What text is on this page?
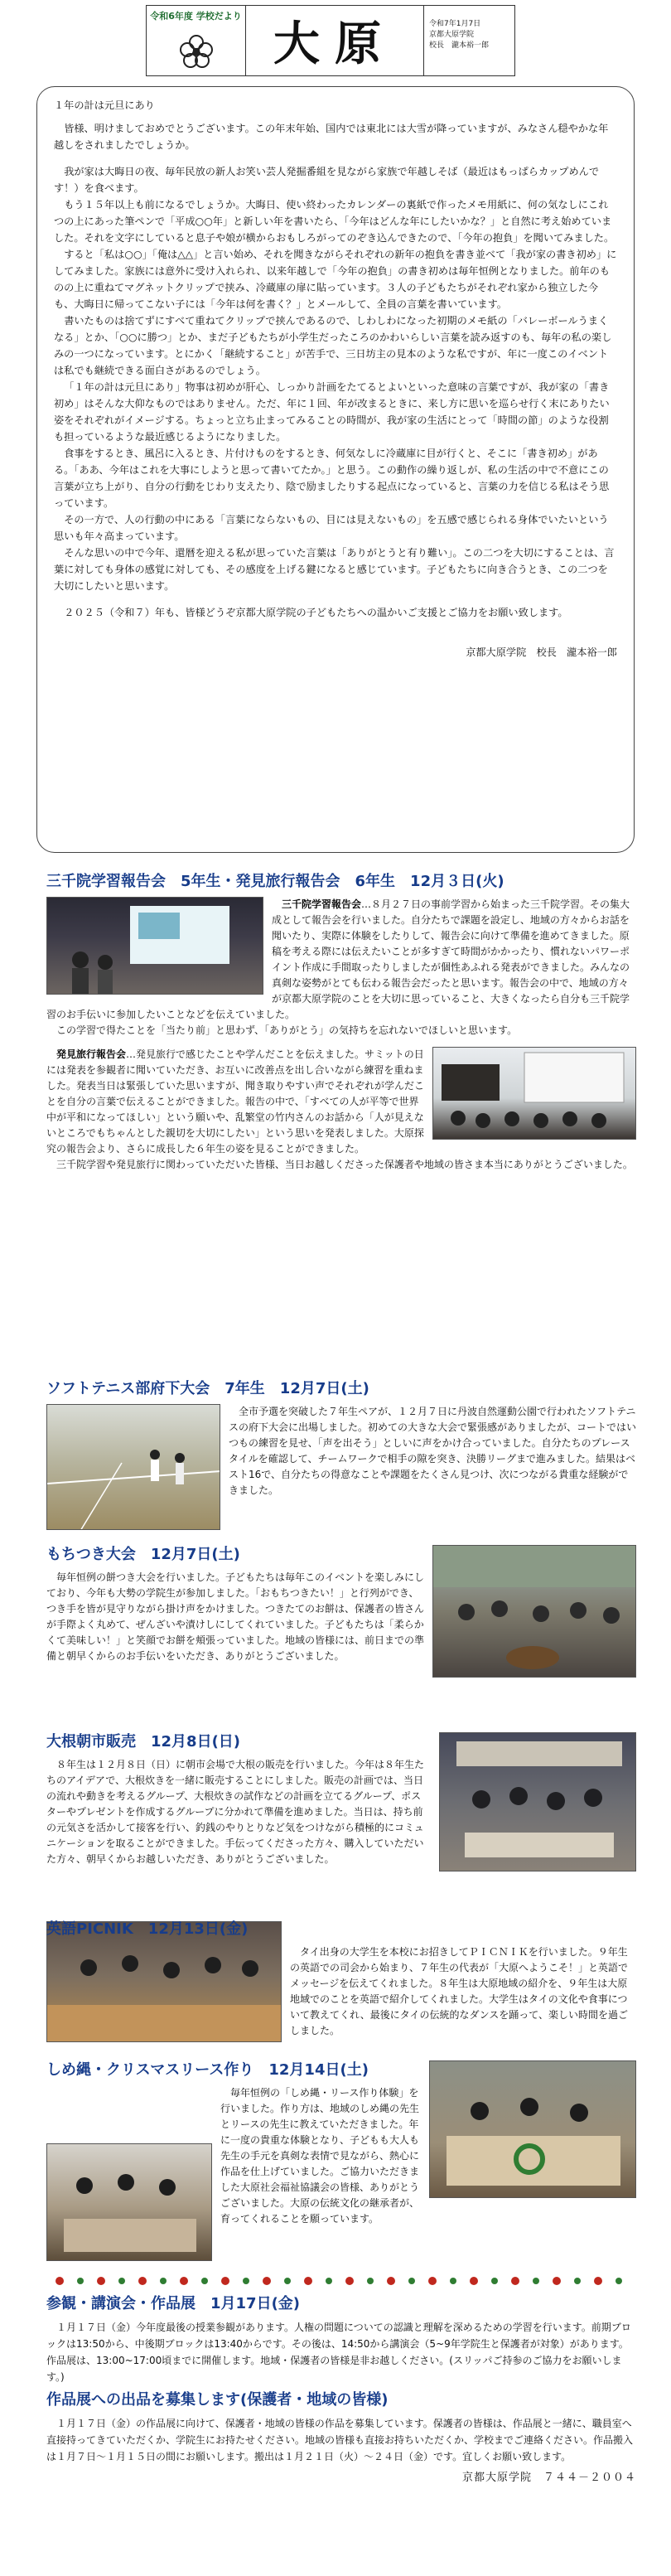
令和6年度 学校だより
大原	令和7年1月7日
京都大原学院
校長　瀧本裕一郎

１年の計は元旦にあり

皆様、明けましておめでとうございます。この年末年始、国内では東北には大雪が降っていますが、みなさん穏やかな年越しをされましたでしょうか。

我が家は大晦日の夜、毎年民放の新人お笑い芸人発掘番組を見ながら家族で年越しそば（最近はもっぱらカップめんです！）を食べます。

もう１５年以上も前になるでしょうか。大晦日、使い終わったカレンダーの裏紙で作ったメモ用紙に、何の気なしにこれつの上にあった筆ペンで「平成○○年」と新しい年を書いたら、「今年はどんな年にしたいかな？」と自然に考え始めていました。それを文字にしていると息子や娘が横からおもしろがってのぞき込んできたので、「今年の抱負」を聞いてみました。

すると「私は○○」「俺は△△」と言い始め、それを聞きながらそれぞれの新年の抱負を書き並べて「我が家の書き初め」にしてみました。家族には意外に受け入れられ、以来年越しで「今年の抱負」の書き初めは毎年恒例となりました。前年のものの上に重ねてマグネットクリップで挟み、冷蔵庫の扉に貼っています。３人の子どもたちがそれぞれ家から独立した今も、大晦日に帰ってこない子には「今年は何を書く？」とメールして、全員の言葉を書いています。

書いたものは捨てずにすべて重ねてクリップで挟んであるので、しわしわになった初期のメモ紙の「バレーボールうまくなる」とか、「○○に勝つ」とか、まだ子どもたちが小学生だったころのかわいらしい言葉を読み返すのも、毎年の私の楽しみの一つになっています。とにかく「継続すること」が苦手で、三日坊主の見本のような私ですが、年に一度このイベントは私でも継続できる面白さがあるのでしょう。

「１年の計は元旦にあり」物事は初めが肝心、しっかり計画をたてるとよいといった意味の言葉ですが、我が家の「書き初め」はそんな大仰なものではありません。ただ、年に１回、年が改まるときに、来し方に思いを巡らせ行く末にありたい姿をそれぞれがイメージする。ちょっと立ち止まってみることの時間が、我が家の生活にとって「時間の節」のような役割も担っているような最近感じるようになりました。

食事をするとき、風呂に入るとき、片付けものをするとき、何気なしに冷蔵庫に目が行くと、そこに「書き初め」がある。「ああ、今年はこれを大事にしようと思って書いてたか。」と思う。この動作の繰り返しが、私の生活の中で不意にこの言葉が立ち上がり、自分の行動をじわり支えたり、陰で励ましたりする起点になっていると、言葉の力を信じる私はそう思っています。

その一方で、人の行動の中にある「言葉にならないもの、目には見えないもの」を五感で感じられる身体でいたいという思いも年々高まっています。

そんな思いの中で今年、還暦を迎える私が思っていた言葉は「ありがとうと有り難い」。この二つを大切にすることは、言葉に対しても身体の感覚に対しても、その感度を上げる鍵になると感じています。子どもたちに向き合うとき、この二つを大切にしたいと思います。

２０２５（令和７）年も、皆様どうぞ京都大原学院の子どもたちへの温かいご支援とご協力をお願い致します。

京都大原学院　校長　瀧本裕一郎

三千院学習報告会　5年生・発見旅行報告会　6年生　12月３日(火)

三千院学習報告会…８月２７日の事前学習から始まった三千院学習。その集大成として報告会を行いました。自分たちで課題を設定し、地域の方々からお話を聞いたり、実際に体験をしたりして、報告会に向けて準備を進めてきました。原稿を考える際には伝えたいことが多すぎて時間がかかったり、慣れないパワーポイント作成に手間取ったりしましたが個性あふれる発表ができました。みんなの真剣な姿勢がとても伝わる報告会だったと思います。報告会の中で、地域の方々が京都大原学院のことを大切に思っていること、大きくなったら自分も三千院学習のお手伝いに参加したいことなどを伝えていました。

この学習で得たことを「当たり前」と思わず、「ありがとう」の気持ちを忘れないでほしいと思います。

発見旅行報告会…発見旅行で感じたことや学んだことを伝えました。サミットの日には発表を参観者に聞いていただき、お互いに改善点を出し合いながら練習を重ねました。発表当日は緊張していた思いますが、聞き取りやすい声でそれぞれが学んだことを自分の言葉で伝えることができました。報告の中で、「すべての人が平等で世界中が平和になってほしい」という願いや、乱繁堂の竹内さんのお話から「人が見えないところでもちゃんとした親切を大切にしたい」という思いを発表しました。大原探究の報告会より、さらに成長した６年生の姿を見ることができました。

三千院学習や発見旅行に関わっていただいた皆様、当日お越しくださった保護者や地域の皆さま本当にありがとうございました。

ソフトテニス部府下大会　7年生　12月7日(土)

全市予選を突破した７年生ペアが、１２月７日に丹波自然運動公園で行われたソフトテニスの府下大会に出場しました。初めての大きな大会で緊張感がありましたが、コートではいつもの練習を見せ、「声を出そう」としいに声をかけ合っていました。自分たちのプレースタイルを確認して、チームワークで相手の隙を突き、決勝リーグまで進みました。結果はベスト16で、自分たちの得意なことや課題をたくさん見つけ、次につながる貴重な経験ができました。

もちつき大会　12月7日(土)

毎年恒例の餅つき大会を行いました。子どもたちは毎年このイベントを楽しみにしており、今年も大勢の学院生が参加しました。「おもちつきたい！」と行列ができ、つき手を皆が見守りながら掛け声をかけました。つきたてのお餅は、保護者の皆さんが手際よく丸めて、ぜんざいや漬けしにしてくれていました。子どもたちは「柔らかくて美味しい！」と笑顔でお餅を頬張っていました。地域の皆様には、前日までの準備と朝早くからのお手伝いをいただき、ありがとうございました。

大根朝市販売　12月8日(日)

８年生は１２月８日（日）に朝市会場で大根の販売を行いました。今年は８年生たちのアイデアで、大根炊きを一緒に販売することにしました。販売の計画では、当日の流れや動きを考えるグループ、大根炊きの試作などの計画を立てるグループ、ポスターやプレゼントを作成するグループに分かれて準備を進めました。当日は、持ち前の元気さを活かして接客を行い、釣銭のやりとりなど気をつけながら積極的にコミュニケーションを取ることができました。手伝ってくださった方々、購入していただいた方々、朝早くからお越しいただき、ありがとうございました。

英語PICNIK　12月13日(金)

タイ出身の大学生を本校にお招きしてＰＩＣＮＩＫを行いました。９年生の英語での司会から始まり、７年生の代表が「大原へようこそ！」と英語でメッセージを伝えてくれました。８年生は大原地域の紹介を、９年生は大原地域でのことを英語で紹介してくれました。大学生はタイの文化や食事について教えてくれ、最後にタイの伝統的なダンスを踊って、楽しい時間を過ごしました。

しめ縄・クリスマスリース作り　12月14日(土)

毎年恒例の「しめ縄・リース作り体験」を行いました。作り方は、地域のしめ縄の先生とリースの先生に教えていただきました。年に一度の貴重な体験となり、子どもも大人も先生の手元を真剣な表情で見ながら、熱心に作品を仕上げていました。ご協力いただきました大原社会福祉協議会の皆様、ありがとうございました。大原の伝統文化の継承者が、育ってくれることを願っています。

参観・講演会・作品展　1月17日(金)

１月１７日（金）今年度最後の授業参観があります。人権の問題についての認識と理解を深めるための学習を行います。前期ブロックは13:50から、中後期ブロックは13:40からです。その後は、14:50から講演会（5~9年学院生と保護者が対象）があります。作品展は、13:00~17:00頃までに開催します。地域・保護者の皆様是非お越しください。(スリッパご持参のご協力をお願いします。)

作品展への出品を募集します(保護者・地域の皆様)

１月１７日（金）の作品展に向けて、保護者・地域の皆様の作品を募集しています。保護者の皆様は、作品展と一緒に、職員室へ直接持ってきていただくか、学院生にお持たせください。地域の皆様も直接お持ちいただくか、学校までご連絡ください。作品搬入は１月７日～１月１５日の間にお願いします。搬出は１月２１日（火）～２４日（金）です。宜しくお願い致します。

京都大原学院　７４４－２００４
